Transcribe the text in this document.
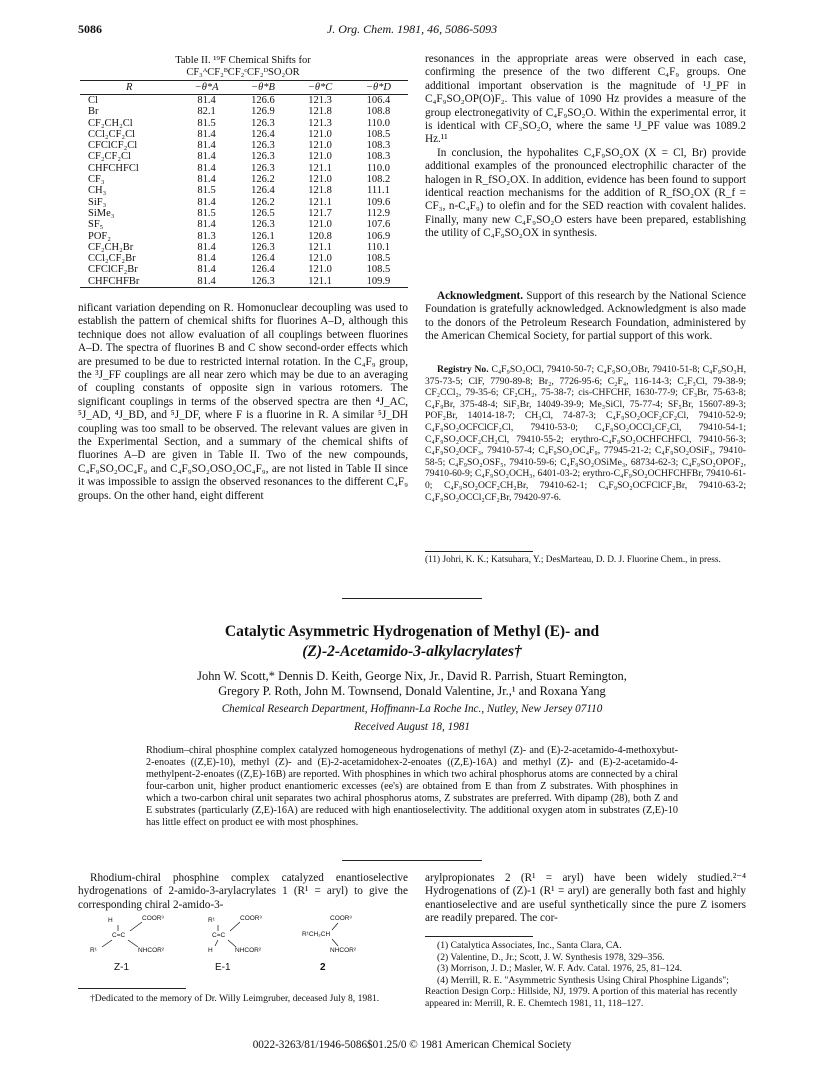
5086	J. Org. Chem. 1981, 46, 5086-5093
Table II. ¹⁹F Chemical Shifts for
CF₃ᴬCF₂ᴮCF₂ᶜCF₂ᴰSO₂OR
R	−θ*A	−θ*B	−θ*C	−θ*D
Cl	81.4	126.6	121.3	106.4
Br	82.1	126.9	121.8	108.8
CF₂CH₂Cl	81.5	126.3	121.3	110.0
CCl₂CF₂Cl	81.4	126.4	121.0	108.5
CFClCF₂Cl	81.4	126.3	121.0	108.3
CF₂CF₂Cl	81.4	126.3	121.0	108.3
CHFCHFCl	81.4	126.3	121.1	110.0
CF₃	81.4	126.2	121.0	108.2
CH₃	81.5	126.4	121.8	111.1
SiF₃	81.4	126.2	121.1	109.6
SiMe₃	81.5	126.5	121.7	112.9
SF₅	81.4	126.3	121.0	107.6
POF₂	81.3	126.1	120.8	106.9
CF₂CH₂Br	81.4	126.3	121.1	110.1
CCl₂CF₂Br	81.4	126.4	121.0	108.5
CFClCF₂Br	81.4	126.4	121.0	108.5
CHFCHFBr	81.4	126.3	121.1	109.9

nificant variation depending on R. Homonuclear decoupling was used to establish the pattern of chemical shifts for fluorines A–D, although this technique does not allow evaluation of all couplings between fluorines A–D. The spectra of fluorines B and C show second-order effects which are presumed to be due to restricted internal rotation. In the C₄F₉ group, the ³J_FF couplings are all near zero which may be due to an averaging of coupling constants of opposite sign in various rotomers. The significant couplings in terms of the observed spectra are then ⁴J_AC, ⁵J_AD, ⁴J_BD, and ⁵J_DF, where F is a fluorine in R. A similar ⁵J_DH coupling was too small to be observed. The relevant values are given in the Experimental Section, and a summary of the chemical shifts of fluorines A–D are given in Table II. Two of the new compounds, C₄F₉SO₂OC₄F₉ and C₄F₉SO₂OSO₂OC₄F₉, are not listed in Table II since it was impossible to assign the observed resonances to the different C₄F₉ groups. On the other hand, eight different

resonances in the appropriate areas were observed in each case, confirming the presence of the two different C₄F₉ groups. One additional important observation is the magnitude of ¹J_PF in C₄F₉SO₂OP(O)F₂. This value of 1090 Hz provides a measure of the group electronegativity of C₄F₉SO₂O. Within the experimental error, it is identical with CF₃SO₂O, where the same ¹J_PF value was 1089.2 Hz.¹¹

In conclusion, the hypohalites C₄F₉SO₂OX (X = Cl, Br) provide additional examples of the pronounced electrophilic character of the halogen in R_fSO₂OX. In addition, evidence has been found to support identical reaction mechanisms for the addition of R_fSO₂OX (R_f = CF₃, n-C₄F₉) to olefin and for the SED reaction with covalent halides. Finally, many new C₄F₉SO₂O esters have been prepared, establishing the utility of C₄F₉SO₂OX in synthesis.

Acknowledgment. Support of this research by the National Science Foundation is gratefully acknowledged. Acknowledgment is also made to the donors of the Petroleum Research Foundation, administered by the American Chemical Society, for partial support of this work.
Registry No. C₄F₉SO₂OCl, 79410-50-7; C₄F₉SO₂OBr, 79410-51-8; C₄F₉SO₃H, 375-73-5; ClF, 7790-89-8; Br₂, 7726-95-6; C₂F₄, 116-14-3; C₂F₃Cl, 79-38-9; CF₂CCl₂, 79-35-6; CF₂CH₂, 75-38-7; cis-CHFCHF, 1630-77-9; CF₃Br, 75-63-8; C₄F₉Br, 375-48-4; SiF₃Br, 14049-39-9; Me₃SiCl, 75-77-4; SF₅Br, 15607-89-3; POF₂Br, 14014-18-7; CH₃Cl, 74-87-3; C₄F₉SO₂OCF₂CF₂Cl, 79410-52-9; C₄F₉SO₂OCFClCF₂Cl, 79410-53-0; C₄F₉SO₂OCCl₂CF₂Cl, 79410-54-1; C₄F₉SO₂OCF₂CH₂Cl, 79410-55-2; erythro-C₄F₉SO₂OCHFCHFCl, 79410-56-3; C₄F₉SO₂OCF₃, 79410-57-4; C₄F₉SO₂OC₄F₉, 77945-21-2; C₄F₉SO₂OSiF₃, 79410-58-5; C₄F₉SO₂OSF₅, 79410-59-6; C₄F₉SO₂OSiMe₃, 68734-62-3; C₄F₉SO₂OPOF₂, 79410-60-9; C₄F₉SO₂OCH₃, 6401-03-2; erythro-C₄F₉SO₂OCHFCHFBr, 79410-61-0; C₄F₉SO₂OCF₂CH₂Br, 79410-62-1; C₄F₉SO₂OCFClCF₂Br, 79410-63-2; C₄F₉SO₂OCCl₂CF₂Br, 79420-97-6.
(11) Johri, K. K.; Katsuhara, Y.; DesMarteau, D. D. J. Fluorine Chem., in press.
Catalytic Asymmetric Hydrogenation of Methyl (E)- and
(Z)-2-Acetamido-3-alkylacrylates†
John W. Scott,* Dennis D. Keith, George Nix, Jr., David R. Parrish, Stuart Remington,
Gregory P. Roth, John M. Townsend, Donald Valentine, Jr.,¹ and Roxana Yang
Chemical Research Department, Hoffmann-La Roche Inc., Nutley, New Jersey 07110
Received August 18, 1981
Rhodium–chiral phosphine complex catalyzed homogeneous hydrogenations of methyl (Z)- and (E)-2-acetamido-4-methoxybut-2-enoates ((Z,E)-10), methyl (Z)- and (E)-2-acetamidohex-2-enoates ((Z,E)-16A) and methyl (Z)- and (E)-2-acetamido-4-methylpent-2-enoates ((Z,E)-16B) are reported. With phosphines in which two achiral phosphorus atoms are connected by a chiral four-carbon unit, higher product enantiomeric excesses (ee's) are obtained from E than from Z substrates. With phosphines in which a two-carbon chiral unit separates two achiral phosphorus atoms, Z substrates are preferred. With dipamp (28), both Z and E substrates (particularly (Z,E)-16A) are reduced with high enantioselectivity. The additional oxygen atom in substrates (Z,E)-10 has little effect on product ee with most phosphines.
Rhodium-chiral phosphine complex catalyzed enantioselective hydrogenations of 2-amido-3-arylacrylates 1 (R¹ = aryl) to give the corresponding chiral 2-amido-3-
arylpropionates 2 (R¹ = aryl) have been widely studied.²⁻⁴ Hydrogenations of (Z)-1 (R¹ = aryl) are generally both fast and highly enantioselective and are useful synthetically since the pure Z isomers are readily prepared. The cor-
H	COOR³
C=C
R¹	NHCOR²
R¹	COOR³
C=C
H	NHCOR²
COOR³
R¹CH₂CH
NHCOR²
Z-1	E-1	2
†Dedicated to the memory of Dr. Willy Leimgruber, deceased July 8, 1981.
(1) Catalytica Associates, Inc., Santa Clara, CA.
(2) Valentine, D., Jr.; Scott, J. W. Synthesis 1978, 329–356.
(3) Morrison, J. D.; Masler, W. F. Adv. Catal. 1976, 25, 81–124.
(4) Merrill, R. E. "Asymmetric Synthesis Using Chiral Phosphine Ligands"; Reaction Design Corp.: Hillside, NJ, 1979. A portion of this material has recently appeared in: Merrill, R. E. Chemtech 1981, 11, 118–127.
0022-3263/81/1946-5086$01.25/0 © 1981 American Chemical Society
